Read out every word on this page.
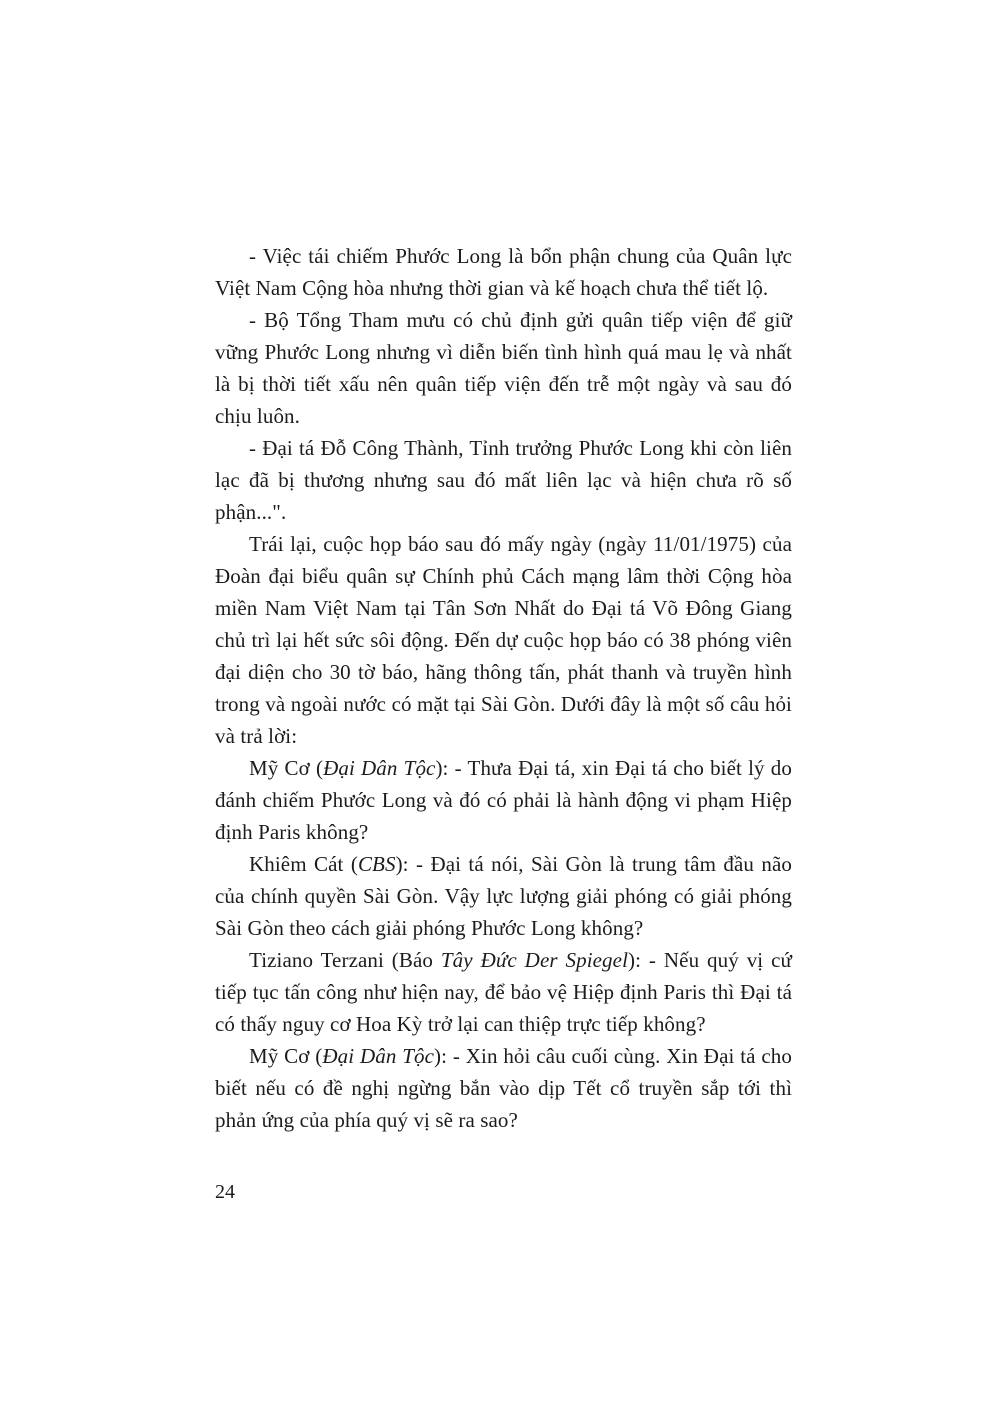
- Việc tái chiếm Phước Long là bổn phận chung của Quân lực Việt Nam Cộng hòa nhưng thời gian và kế hoạch chưa thể tiết lộ.

- Bộ Tổng Tham mưu có chủ định gửi quân tiếp viện để giữ vững Phước Long nhưng vì diễn biến tình hình quá mau lẹ và nhất là bị thời tiết xấu nên quân tiếp viện đến trễ một ngày và sau đó chịu luôn.

- Đại tá Đỗ Công Thành, Tỉnh trưởng Phước Long khi còn liên lạc đã bị thương nhưng sau đó mất liên lạc và hiện chưa rõ số phận...".

Trái lại, cuộc họp báo sau đó mấy ngày (ngày 11/01/1975) của Đoàn đại biểu quân sự Chính phủ Cách mạng lâm thời Cộng hòa miền Nam Việt Nam tại Tân Sơn Nhất do Đại tá Võ Đông Giang chủ trì lại hết sức sôi động. Đến dự cuộc họp báo có 38 phóng viên đại diện cho 30 tờ báo, hãng thông tấn, phát thanh và truyền hình trong và ngoài nước có mặt tại Sài Gòn. Dưới đây là một số câu hỏi và trả lời:

Mỹ Cơ (Đại Dân Tộc): - Thưa Đại tá, xin Đại tá cho biết lý do đánh chiếm Phước Long và đó có phải là hành động vi phạm Hiệp định Paris không?

Khiêm Cát (CBS): - Đại tá nói, Sài Gòn là trung tâm đầu não của chính quyền Sài Gòn. Vậy lực lượng giải phóng có giải phóng Sài Gòn theo cách giải phóng Phước Long không?

Tiziano Terzani (Báo Tây Đức Der Spiegel): - Nếu quý vị cứ tiếp tục tấn công như hiện nay, để bảo vệ Hiệp định Paris thì Đại tá có thấy nguy cơ Hoa Kỳ trở lại can thiệp trực tiếp không?

Mỹ Cơ (Đại Dân Tộc): - Xin hỏi câu cuối cùng. Xin Đại tá cho biết nếu có đề nghị ngừng bắn vào dịp Tết cổ truyền sắp tới thì phản ứng của phía quý vị sẽ ra sao?

24
